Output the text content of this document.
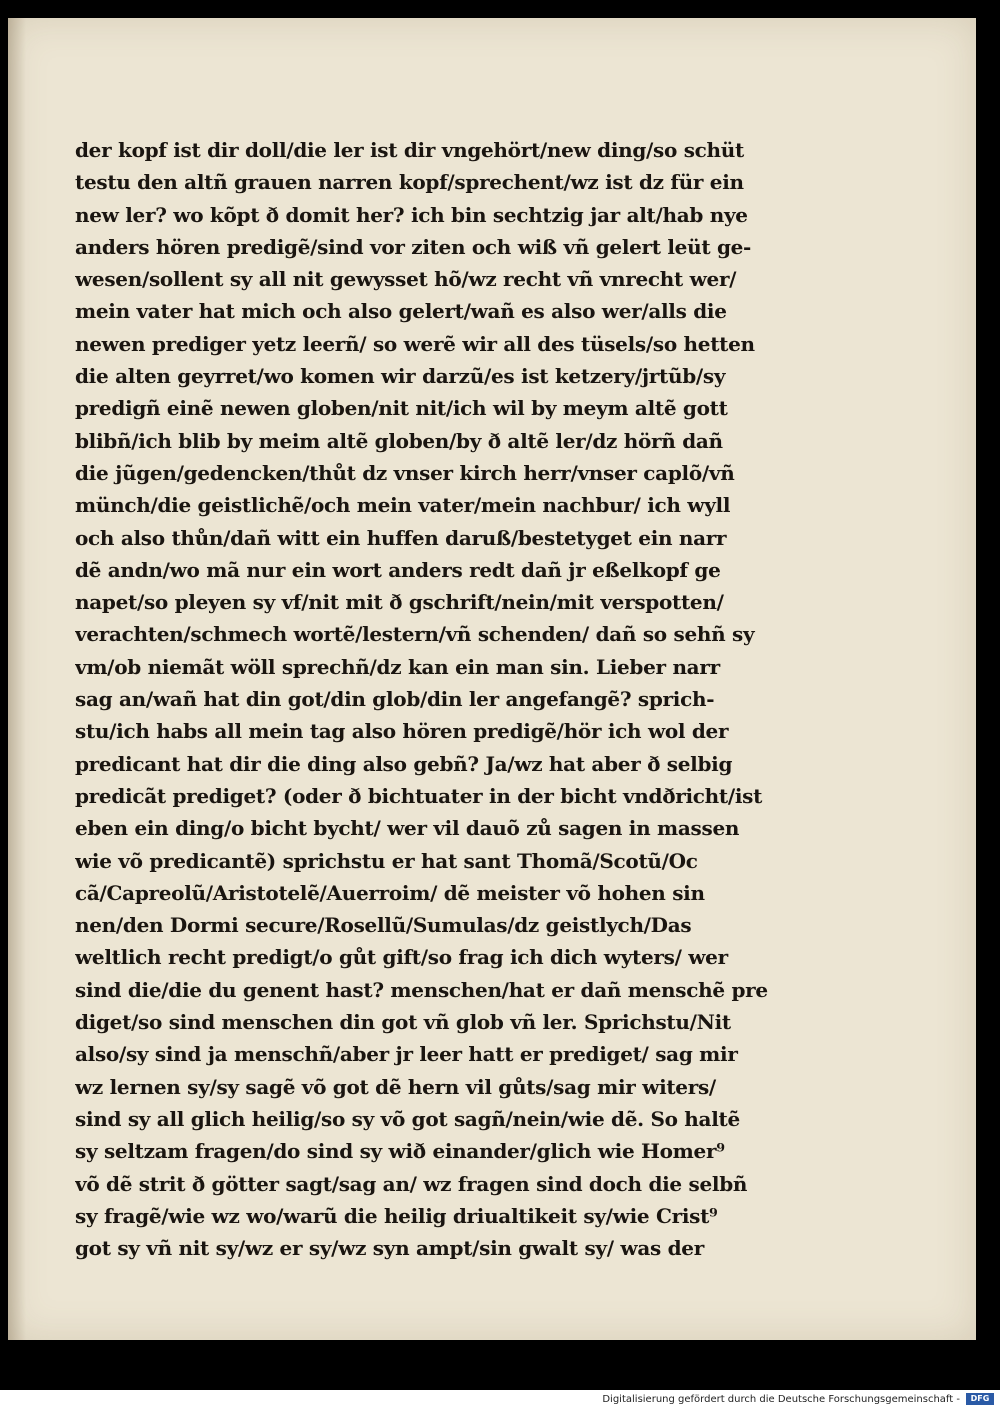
der kopf ist dir doll/die ler ist dir vngehört/new ding/so schüt
testu den altñ grauen narren kopf/sprechent/wz ist dz für ein
new ler? wo kõpt ð domit her? ich bin sechtzig jar alt/hab nye
anders hören predigẽ/sind vor ziten och wiß vñ gelert leüt ge-
wesen/sollent sy all nit gewysset hõ/wz recht vñ vnrecht wer/
mein vater hat mich och also gelert/wañ es also wer/alls die
newen prediger yetz leerñ/ so werẽ wir all des tüsels/so hetten
die alten geyrret/wo komen wir darzũ/es ist ketzery/jrtũb/sy
predigñ einẽ newen globen/nit nit/ich wil by meym altẽ gott
blibñ/ich blib by meim altẽ globen/by ð altẽ ler/dz hörñ dañ
die jũgen/gedencken/thůt dz vnser kirch herr/vnser caplõ/vñ
münch/die geistlichẽ/och mein vater/mein nachbur/ ich wyll
och also thůn/dañ witt ein huffen daruß/bestetyget ein narr
dẽ andn/wo mã nur ein wort anders redt dañ jr eßelkopf ge
napet/so pleyen sy vf/nit mit ð gschrift/nein/mit verspotten/
verachten/schmech wortẽ/lestern/vñ schenden/ dañ so sehñ sy
vm/ob niemãt wöll sprechñ/dz kan ein man sin. Lieber narr
sag an/wañ hat din got/din glob/din ler angefangẽ? sprich-
stu/ich habs all mein tag also hören predigẽ/hör ich wol der
predicant hat dir die ding also gebñ? Ja/wz hat aber ð selbig
predicãt prediget? (oder ð bichtuater in der bicht vndðricht/ist
eben ein ding/o bicht bycht/ wer vil dauõ zů sagen in massen
wie võ predicantẽ) sprichstu er hat sant Thomã/Scotũ/Oc
cã/Capreolũ/Aristotelẽ/Auerroim/ dẽ meister võ hohen sin
nen/den Dormi secure/Rosellũ/Sumulas/dz geistlych/Das
weltlich recht predigt/o gůt gift/so frag ich dich wyters/ wer
sind die/die du genent hast? menschen/hat er dañ menschẽ pre
diget/so sind menschen din got vñ glob vñ ler. Sprichstu/Nit
also/sy sind ja menschñ/aber jr leer hatt er prediget/ sag mir
wz lernen sy/sy sagẽ võ got dẽ hern vil gůts/sag mir witers/
sind sy all glich heilig/so sy võ got sagñ/nein/wie dẽ. So haltẽ
sy seltzam fragen/do sind sy wið einander/glich wie Homer⁹
võ dẽ strit ð götter sagt/sag an/ wz fragen sind doch die selbñ
sy fragẽ/wie wz wo/warũ die heilig driualtikeit sy/wie Crist⁹
got sy vñ nit sy/wz er sy/wz syn ampt/sin gwalt sy/ was der
Digitalisierung gefördert durch die Deutsche Forschungsgemeinschaft -	DFG
